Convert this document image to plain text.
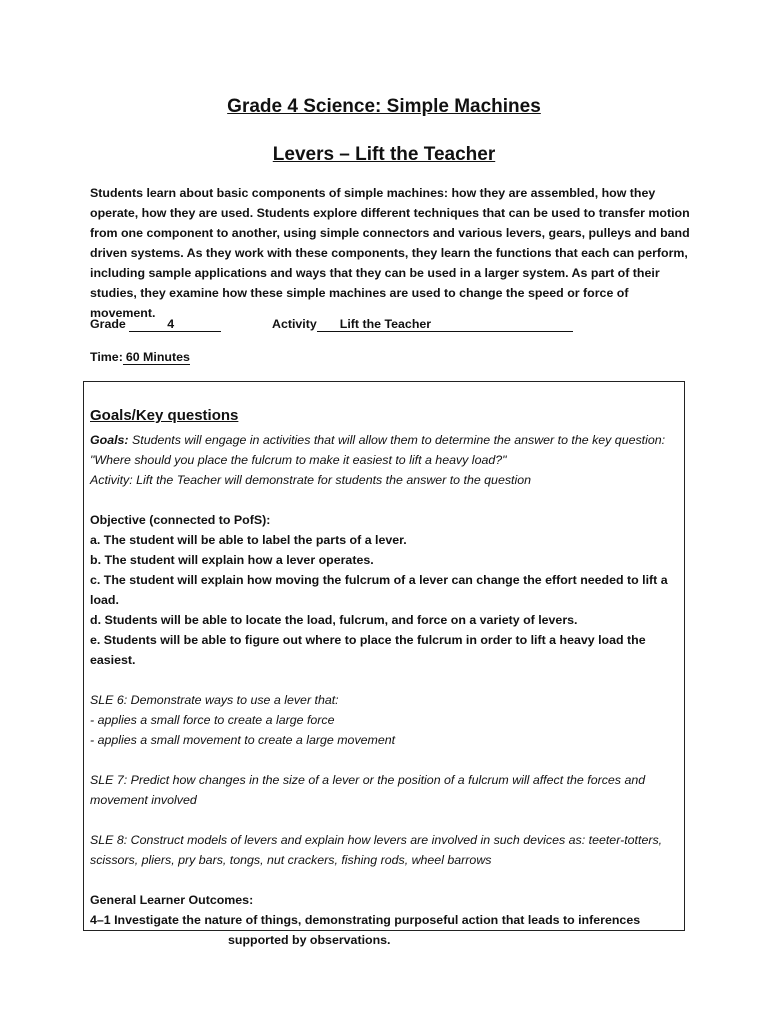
Grade 4 Science: Simple Machines
Levers – Lift the Teacher

Students learn about basic components of simple machines: how they are assembled, how they operate, how they are used. Students explore different techniques that can be used to transfer motion from one component to another, using simple connectors and various levers, gears, pulleys and band driven systems. As they work with these components, they learn the functions that each can perform, including sample applications and ways that they can be used in a larger system. As part of their studies, they examine how these simple machines are used to change the speed or force of movement.

Grade	4	Activity Lift the Teacher
Time: 60 Minutes
Goals/Key questions

Goals: Students will engage in activities that will allow them to determine the answer to the key question: "Where should you place the fulcrum to make it easiest to lift a heavy load?"

Activity: Lift the Teacher will demonstrate for students the answer to the question

Objective (connected to PofS):

a. The student will be able to label the parts of a lever.

b. The student will explain how a lever operates.

c. The student will explain how moving the fulcrum of a lever can change the effort needed to lift a load.

d. Students will be able to locate the load, fulcrum, and force on a variety of levers.

e. Students will be able to figure out where to place the fulcrum in order to lift a heavy load the easiest.

SLE 6: Demonstrate ways to use a lever that:

- applies a small force to create a large force

- applies a small movement to create a large movement

SLE 7: Predict how changes in the size of a lever or the position of a fulcrum will affect the forces and movement involved

SLE 8: Construct models of levers and explain how levers are involved in such devices as: teeter-totters, scissors, pliers, pry bars, tongs, nut crackers, fishing rods, wheel barrows

General Learner Outcomes:

4–1 Investigate the nature of things, demonstrating purposeful action that leads to inferences

supported by observations.
